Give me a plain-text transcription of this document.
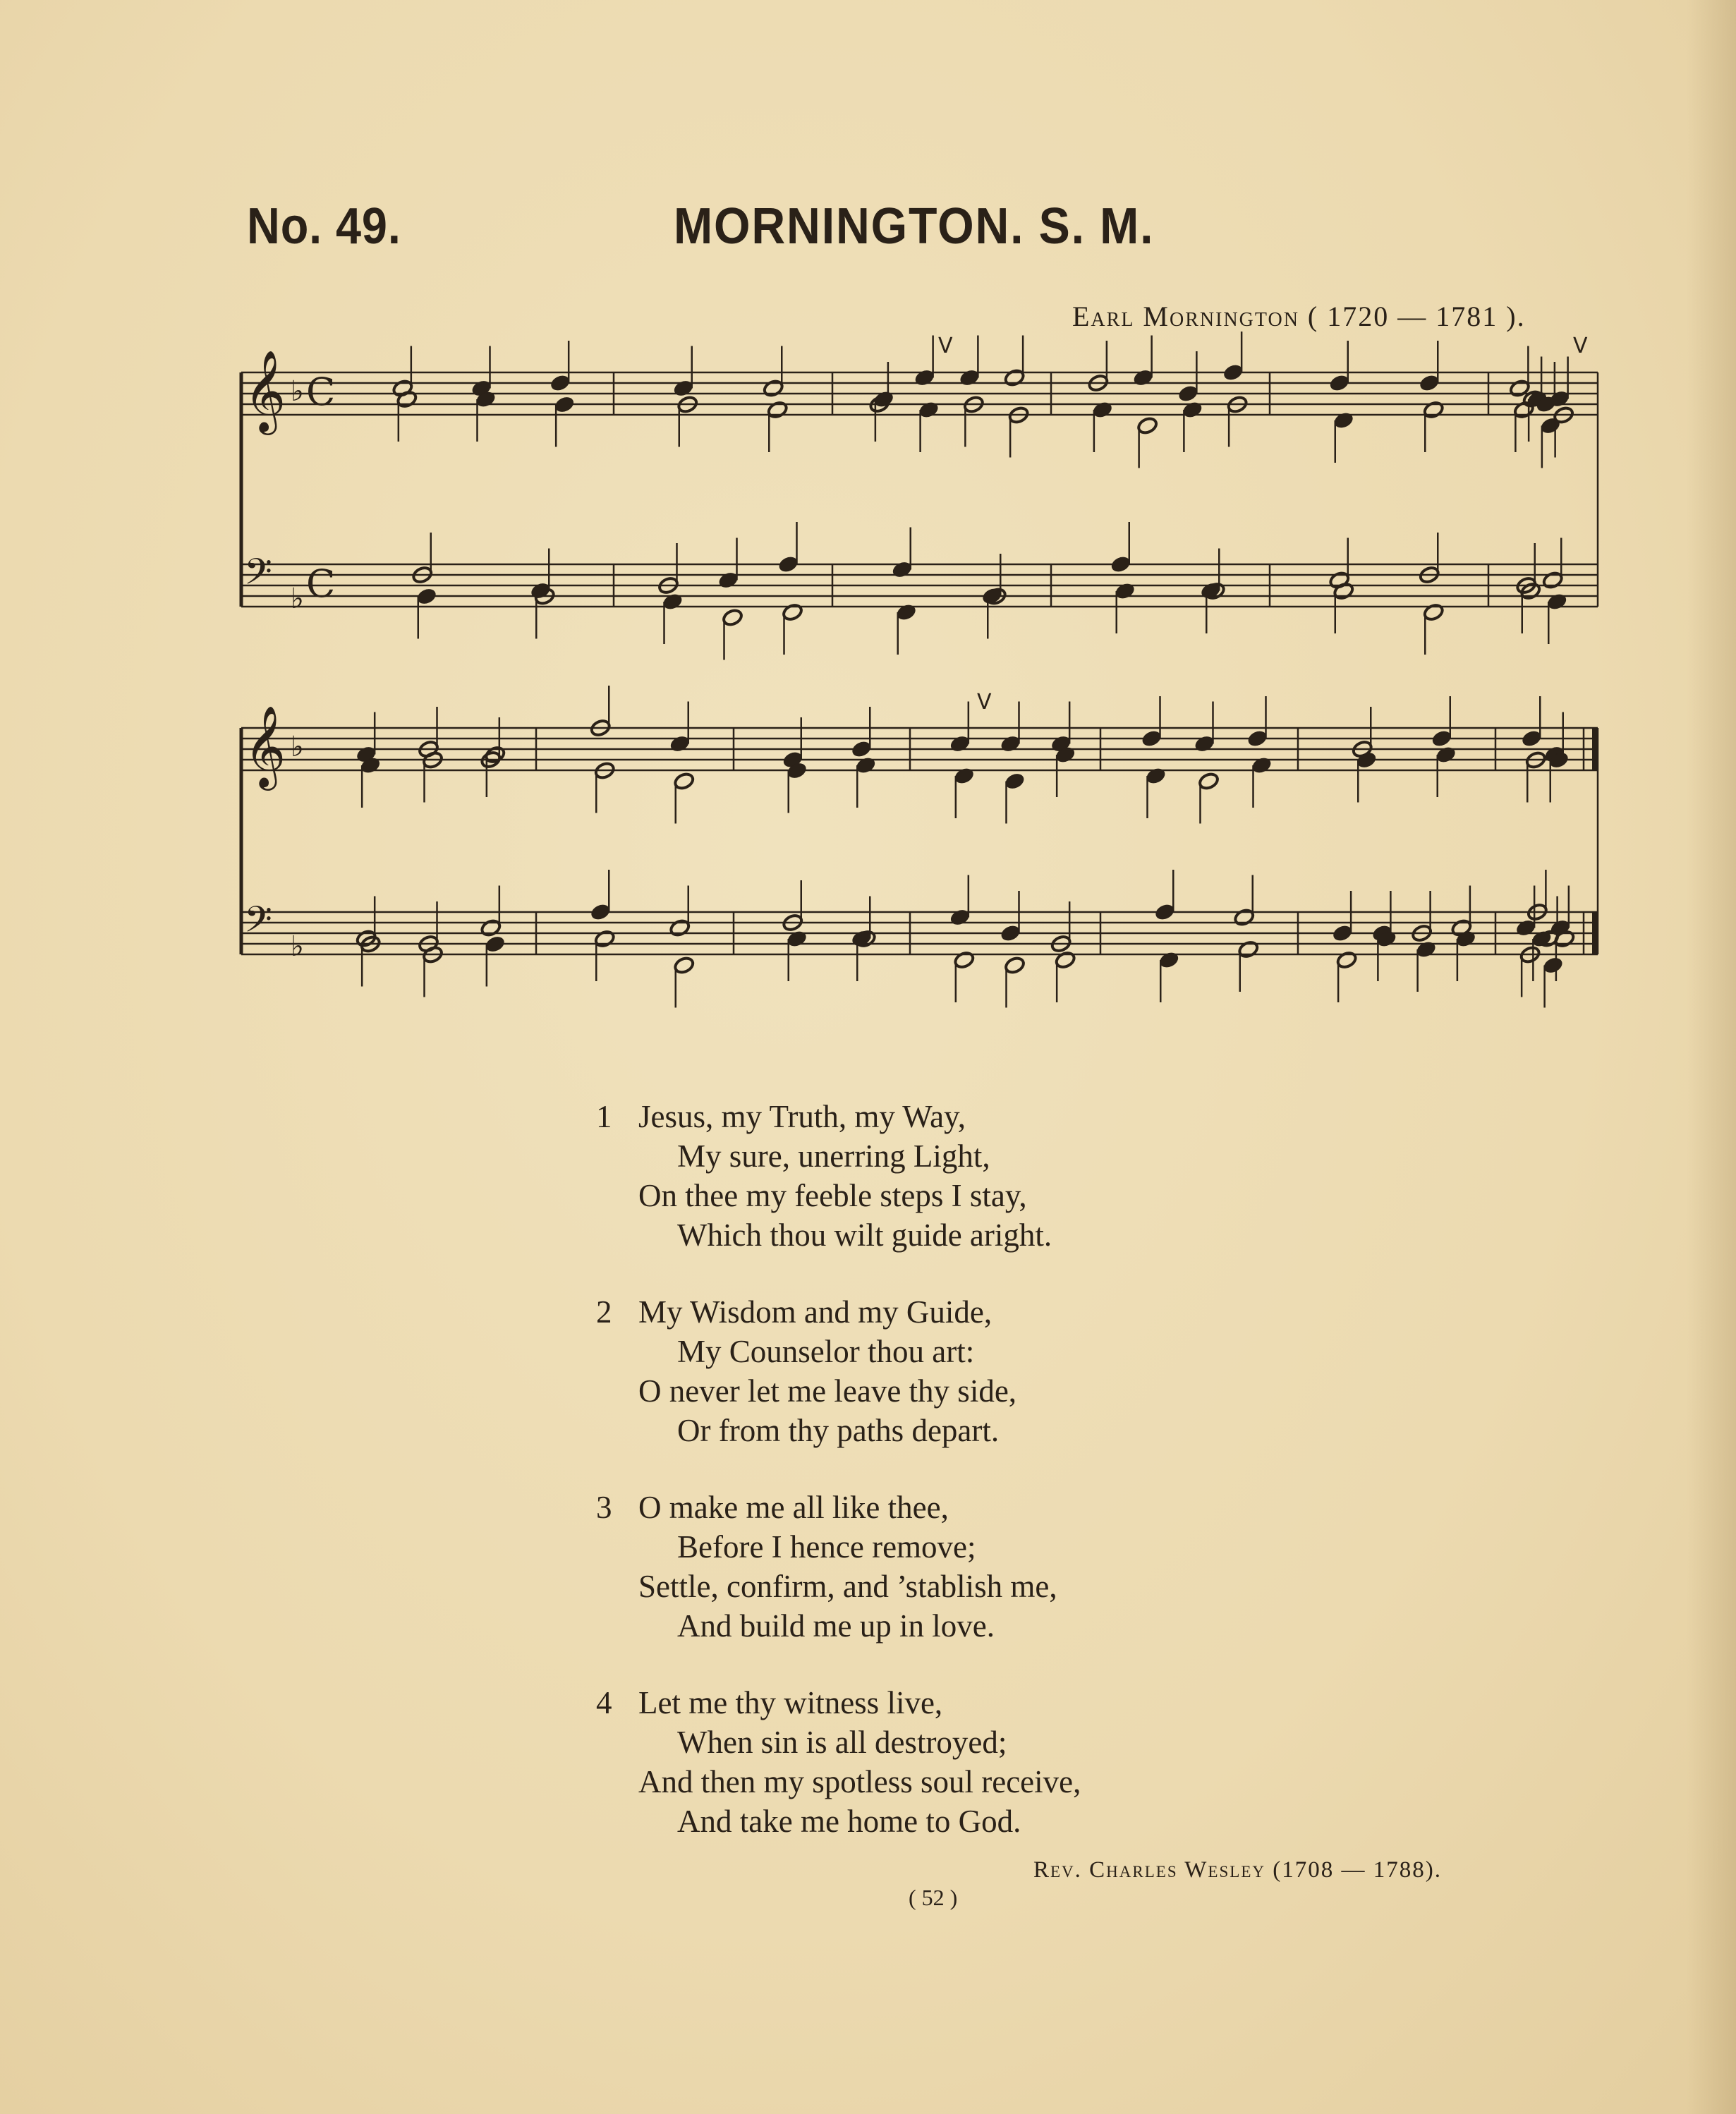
No. 49.	MORNINGTON. S. M.
Earl Mornington ( 1720 — 1781 ).
𝄞 ♭ C
𝄢 ♭ C
𝄞 ♭
𝄢 ♭
V	V
V
1 Jesus, my Truth, my Way,
My sure, unerring Light,
On thee my feeble steps I stay,
Which thou wilt guide aright.
2 My Wisdom and my Guide,
My Counselor thou art:
O never let me leave thy side,
Or from thy paths depart.
3 O make me all like thee,
Before I hence remove;
Settle, confirm, and ’stablish me,
And build me up in love.
4 Let me thy witness live,
When sin is all destroyed;
And then my spotless soul receive,
And take me home to God.
Rev. Charles Wesley (1708 — 1788).
( 52 )
